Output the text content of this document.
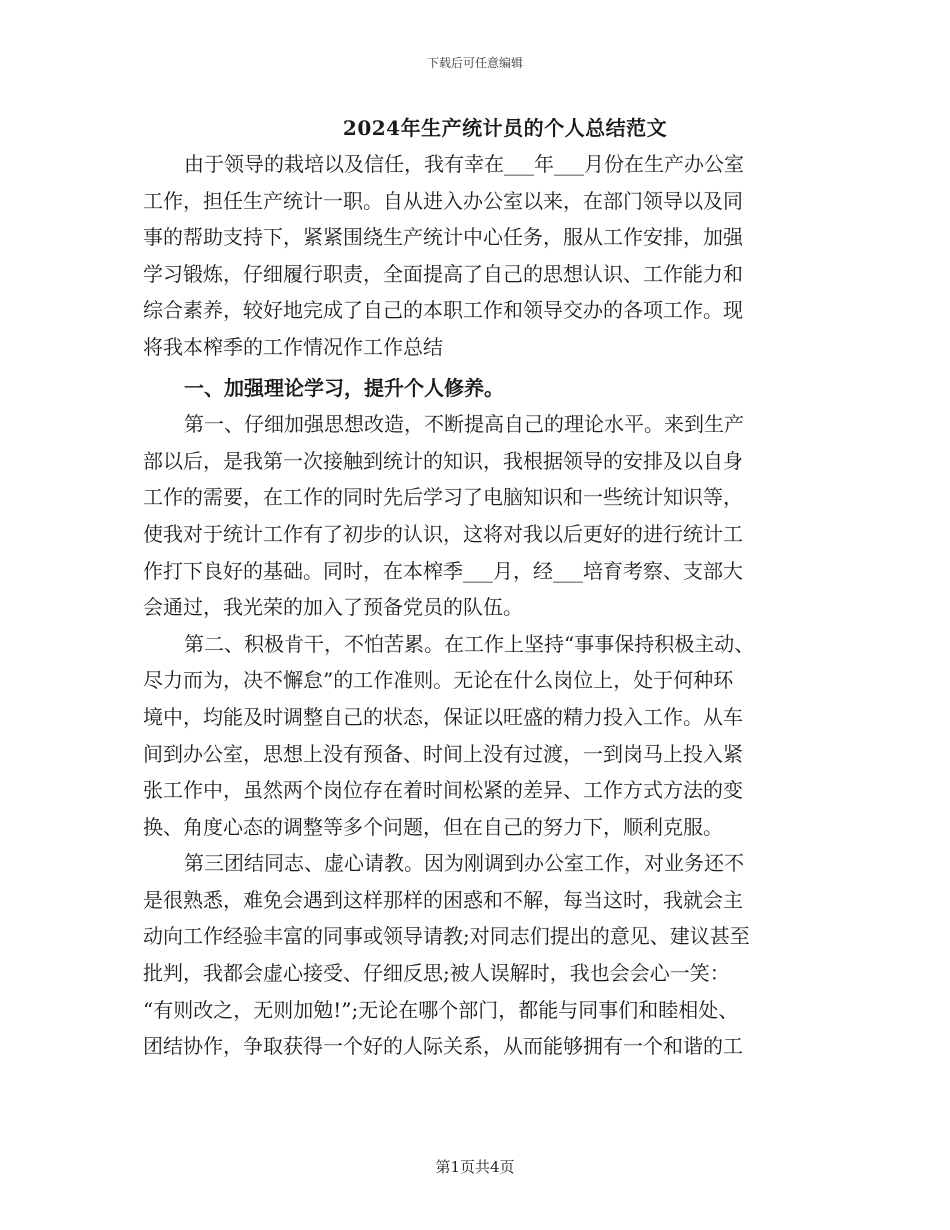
下载后可任意编辑
2024年生产统计员的个人总结范文
由于领导的栽培以及信任，我有幸在___年___月份在生产办公室
工作，担任生产统计一职。自从进入办公室以来，在部门领导以及同
事的帮助支持下，紧紧围绕生产统计中心任务，服从工作安排，加强
学习锻炼，仔细履行职责，全面提高了自己的思想认识、工作能力和
综合素养，较好地完成了自己的本职工作和领导交办的各项工作。现
将我本榨季的工作情况作工作总结
一、加强理论学习，提升个人修养。
第一、仔细加强思想改造，不断提高自己的理论水平。来到生产
部以后，是我第一次接触到统计的知识，我根据领导的安排及以自身
工作的需要，在工作的同时先后学习了电脑知识和一些统计知识等，
使我对于统计工作有了初步的认识，这将对我以后更好的进行统计工
作打下良好的基础。同时，在本榨季___月，经___培育考察、支部大
会通过，我光荣的加入了预备党员的队伍。
第二、积极肯干，不怕苦累。在工作上坚持“事事保持积极主动、
尽力而为，决不懈怠”的工作准则。无论在什么岗位上，处于何种环
境中，均能及时调整自己的状态，保证以旺盛的精力投入工作。从车
间到办公室，思想上没有预备、时间上没有过渡，一到岗马上投入紧
张工作中，虽然两个岗位存在着时间松紧的差异、工作方式方法的变
换、角度心态的调整等多个问题，但在自己的努力下，顺利克服。
第三团结同志、虚心请教。因为刚调到办公室工作，对业务还不
是很熟悉，难免会遇到这样那样的困惑和不解，每当这时，我就会主
动向工作经验丰富的同事或领导请教;对同志们提出的意见、建议甚至
批判，我都会虚心接受、仔细反思;被人误解时，我也会会心一笑：
“有则改之，无则加勉!”;无论在哪个部门，都能与同事们和睦相处、
团结协作，争取获得一个好的人际关系，从而能够拥有一个和谐的工
第1页共4页
